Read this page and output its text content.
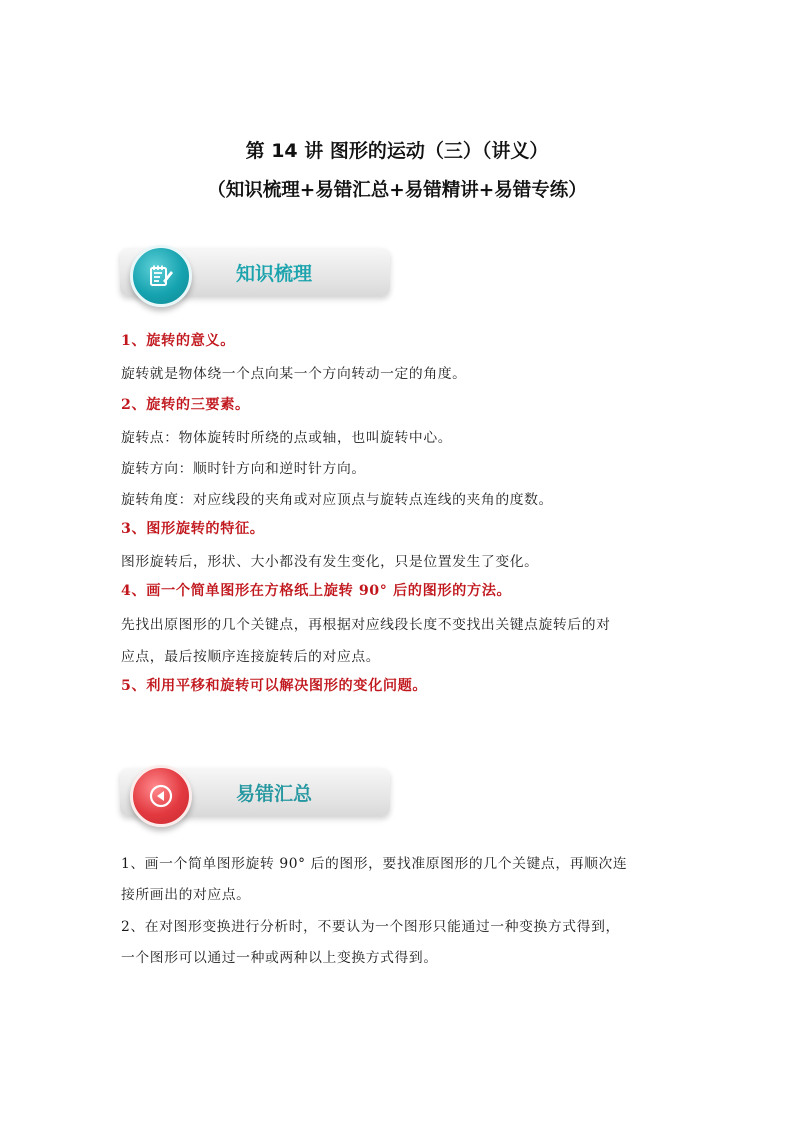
第 14 讲 图形的运动（三）（讲义）
（知识梳理+易错汇总+易错精讲+易错专练）
知识梳理
1、旋转的意义。
旋转就是物体绕一个点向某一个方向转动一定的角度。
2、旋转的三要素。
旋转点：物体旋转时所绕的点或轴，也叫旋转中心。
旋转方向：顺时针方向和逆时针方向。
旋转角度：对应线段的夹角或对应顶点与旋转点连线的夹角的度数。
3、图形旋转的特征。
图形旋转后，形状、大小都没有发生变化，只是位置发生了变化。
4、画一个简单图形在方格纸上旋转 90° 后的图形的方法。
先找出原图形的几个关键点，再根据对应线段长度不变找出关键点旋转后的对
应点，最后按顺序连接旋转后的对应点。
5、利用平移和旋转可以解决图形的变化问题。
易错汇总
1、画一个简单图形旋转 90° 后的图形，要找准原图形的几个关键点，再顺次连
接所画出的对应点。
2、在对图形变换进行分析时，不要认为一个图形只能通过一种变换方式得到，
一个图形可以通过一种或两种以上变换方式得到。
